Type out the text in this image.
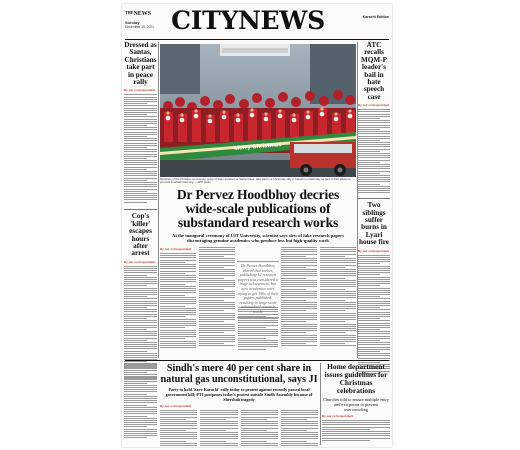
$^{THE}$NEWS
Sunday
December 19, 2021 CITYNEWS	Karachi Edition
Dressed as Santas, Christians take part in peace rally
By our correspondent
Cop's 'killer' escapes hours after arrest
By our correspondent
ATC recalls MQM-P leader's bail in hate speech case
By our correspondent
Two siblings suffer burns in Lyari house fire
By our correspondent
Merry Christmas
Members of the Christian community, many of them dressed as Santa Claus, take part in a Christmas rally in Karachi on Saturday as part of their efforts to promote interfaith harmony. —APP photo
Dr Pervez Hoodbhoy decries wide-scale publications of substandard research works
At the inaugural ceremony of UIT University, scientist says slew of fake research papers discouraging genuine academics who produce less but high-quality work
By our correspondent
Dr Pervez Hoodbhoy shared that earlier, publishing 12 research papers was considered a huge achievement, but now academics were trying to get 100s of their papers published, resulting in large-scale substandard research works
Sindh's mere 40 per cent share in natural gas unconstitutional, says JI
Party to hold 'Save Karachi' rally today to protest against recently passed local government bill; PTI postpones today's protest outside Sindh Assembly because of Shershah tragedy
By our correspondent
Home department issues guidelines for Christmas celebrations
Churches told to ensure multiple entry and exit points to prevent overcrowding
By our correspondent
